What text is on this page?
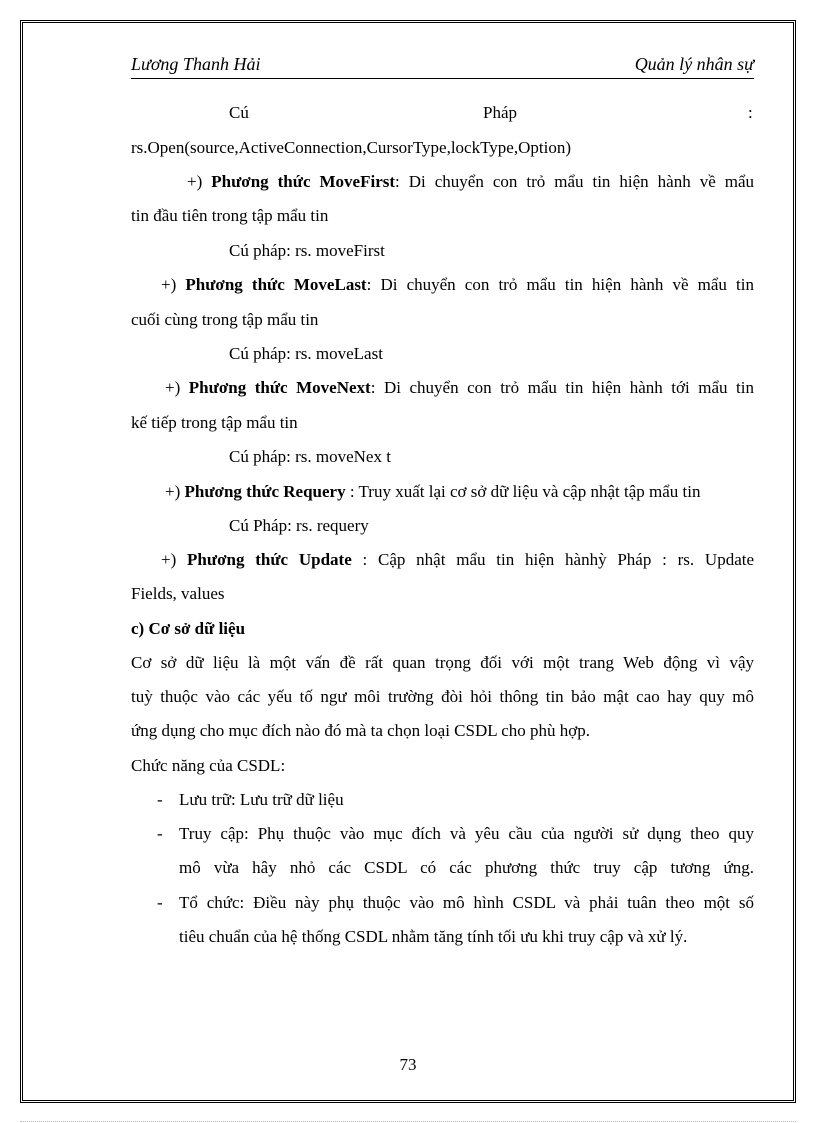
Lương Thanh Hải	Quản lý nhân sự
Cú	Pháp	:
rs.Open(source,ActiveConnection,CursorType,lockType,Option)
+) Phương thức MoveFirst: Di chuyển con trỏ mẩu tin hiện hành về mẩu
tin đầu tiên trong tập mẩu tin
Cú pháp: rs. moveFirst
+) Phương thức MoveLast: Di chuyển con trỏ mẩu tin hiện hành về mẩu tin
cuối cùng trong tập mẩu tin
Cú pháp: rs. moveLast
+) Phương thức MoveNext: Di chuyển con trỏ mẩu tin hiện hành tới mẩu tin
kế tiếp trong tập mẩu tin
Cú pháp: rs. moveNex t
+) Phương thức Requery : Truy xuất lại cơ sở dữ liệu và cập nhật tập mẩu tin
Cú Pháp: rs. requery
+) Phương thức Update : Cập nhật mẩu tin hiện hànhỳ Pháp : rs. Update
Fields, values
c) Cơ sở dữ liệu
Cơ sở dữ liệu là một vấn đề rất quan trọng đối với một trang Web động vì vậy
tuỳ thuộc vào các yếu tố ngư môi trường đòi hỏi thông tin bảo mật cao hay quy mô
ứng dụng cho mục đích nào đó mà ta chọn loại CSDL cho phù hợp.
Chức năng của CSDL:
- Lưu trữ: Lưu trữ dữ liệu
- Truy cập: Phụ thuộc vào mục đích và yêu cầu của người sử dụng theo quy
mô vừa hây nhỏ các CSDL có các phương thức truy cập tương ứng.
- Tổ chức: Điều này phụ thuộc vào mô hình CSDL và phải tuân theo một số
tiêu chuẩn của hệ thống CSDL nhằm tăng tính tối ưu khi truy cập và xử lý.
73
